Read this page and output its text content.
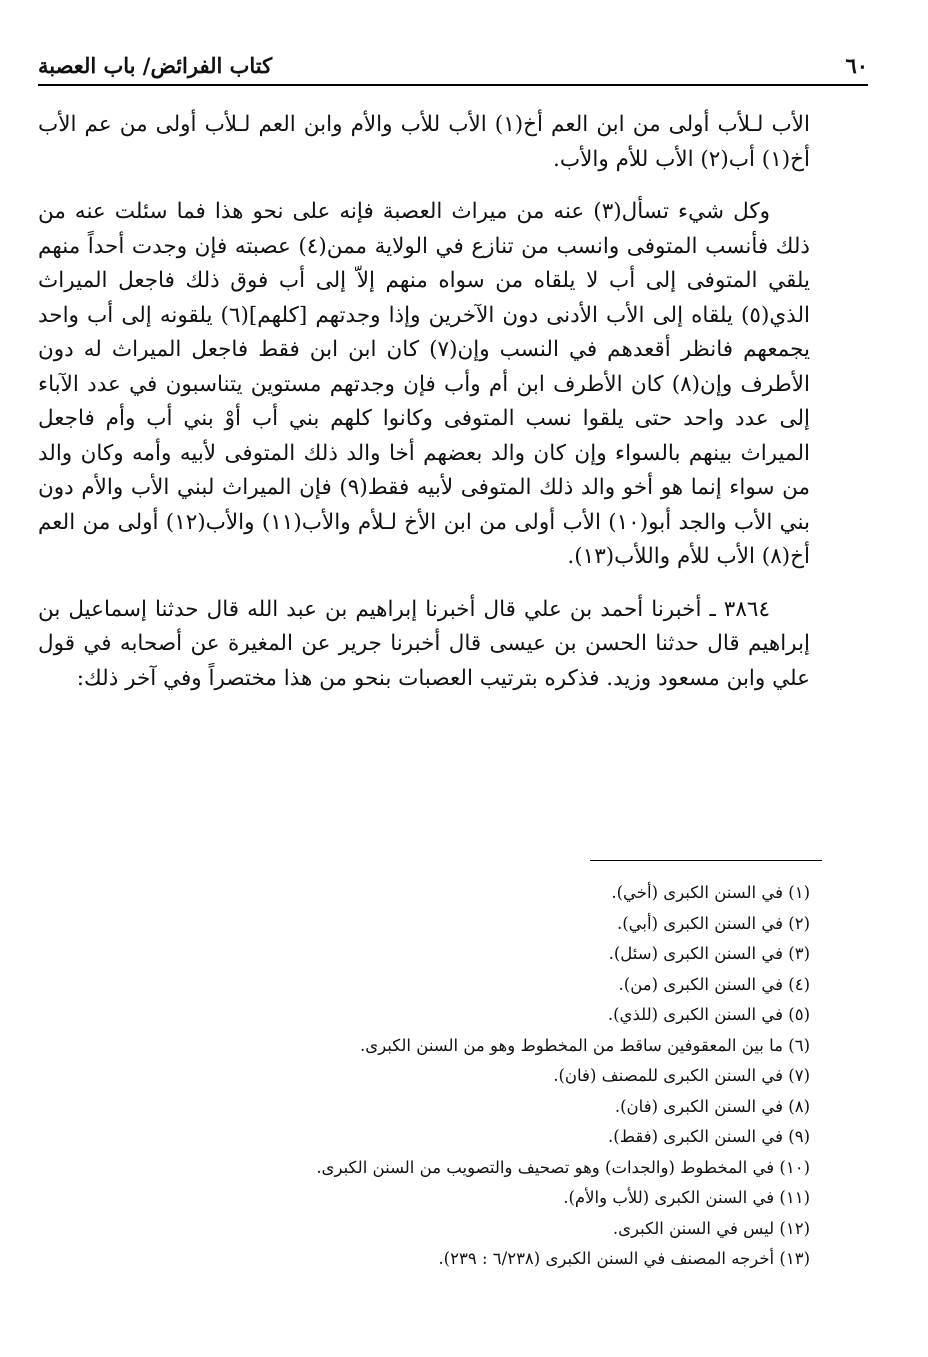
٦٠
كتاب الفرائض/ باب العصبة

الأب لـلأب أولى من ابن العم أخ(١) الأب للأب والأم وابن العم لـلأب أولى من عم الأب أخ(١) أب(٢) الأب للأم والأب.

وكل شيء تسأل(٣) عنه من ميراث العصبة فإنه على نحو هذا فما سئلت عنه من ذلك فأنسب المتوفى وانسب من تنازع في الولاية ممن(٤) عصبته فإن وجدت أحداً منهم يلقي المتوفى إلى أب لا يلقاه من سواه منهم إلاّ إلى أب فوق ذلك فاجعل الميراث الذي(٥) يلقاه إلى الأب الأدنى دون الآخرين وإذا وجدتهم [كلهم](٦) يلقونه إلى أب واحد يجمعهم فانظر أقعدهم في النسب وإن(٧) كان ابن ابن فقط فاجعل الميراث له دون الأطرف وإن(٨) كان الأطرف ابن أم وأب فإن وجدتهم مستوين يتناسبون في عدد الآباء إلى عدد واحد حتى يلقوا نسب المتوفى وكانوا كلهم بني أب أوْ بني أب وأم فاجعل الميراث بينهم بالسواء وإن كان والد بعضهم أخا والد ذلك المتوفى لأبيه وأمه وكان والد من سواء إنما هو أخو والد ذلك المتوفى لأبيه فقط(٩) فإن الميراث لبني الأب والأم دون بني الأب والجد أبو(١٠) الأب أولى من ابن الأخ لـلأم والأب(١١) والأب(١٢) أولى من العم أخ(٨) الأب للأم واللأب(١٣).

٣٨٦٤ ـ أخبرنا أحمد بن علي قال أخبرنا إبراهيم بن عبد الله قال حدثنا إسماعيل بن إبراهيم قال حدثنا الحسن بن عيسى قال أخبرنا جرير عن المغيرة عن أصحابه في قول علي وابن مسعود وزيد. فذكره بترتيب العصبات بنحو من هذا مختصراً وفي آخر ذلك:

(١) في السنن الكبرى (أخي).
(٢) في السنن الكبرى (أبي).
(٣) في السنن الكبرى (سئل).
(٤) في السنن الكبرى (من).
(٥) في السنن الكبرى (للذي).
(٦) ما بين المعقوفين ساقط من المخطوط وهو من السنن الكبرى.
(٧) في السنن الكبرى للمصنف (فان).
(٨) في السنن الكبرى (فان).
(٩) في السنن الكبرى (فقط).
(١٠) في المخطوط (والجدات) وهو تصحيف والتصويب من السنن الكبرى.
(١١) في السنن الكبرى (للأب والأم).
(١٢) ليس في السنن الكبرى.
(١٣) أخرجه المصنف في السنن الكبرى (٦/٢٣٨ : ٢٣٩).
